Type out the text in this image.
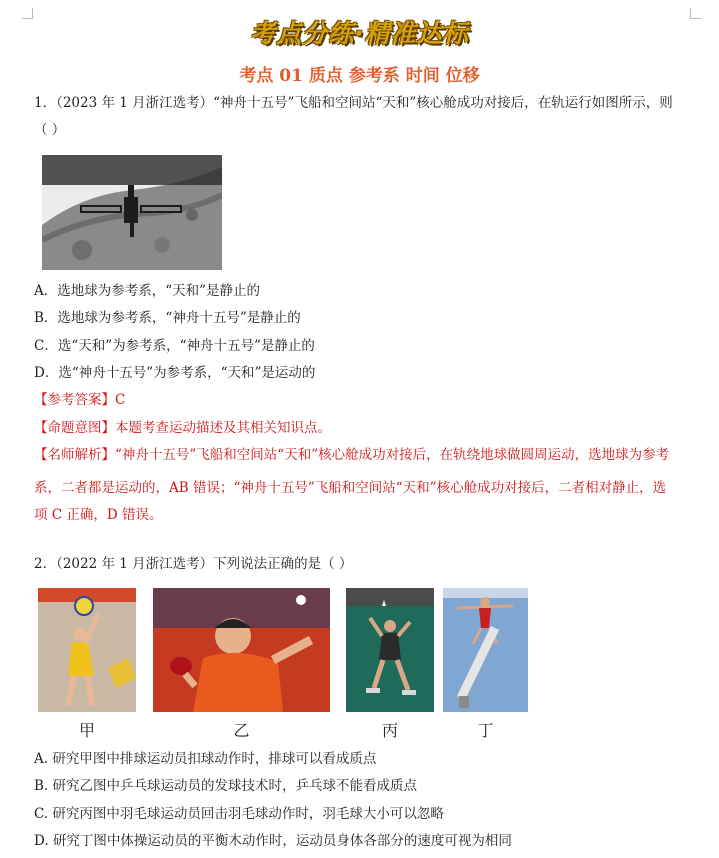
考点分练·精准达标
考点 01 质点 参考系 时间 位移
1．（2023 年 1 月浙江选考）“神舟十五号”飞船和空间站“天和”核心舱成功对接后，在轨运行如图所示，则
（ ）
A．选地球为参考系，“天和”是静止的
B．选地球为参考系，“神舟十五号”是静止的
C．选“天和”为参考系，“神舟十五号”是静止的
D．选“神舟十五号”为参考系，“天和”是运动的
【参考答案】C
【命题意图】本题考查运动描述及其相关知识点。
【名师解析】“神舟十五号”飞船和空间站“天和”核心舱成功对接后，在轨绕地球做圆周运动，选地球为参考
系，二者都是运动的，AB 错误；“神舟十五号”飞船和空间站“天和”核心舱成功对接后，二者相对静止，选
项 C 正确，D 错误。
2．（2022 年 1 月浙江选考）下列说法正确的是（ ）
甲	乙	丙	丁
A. 研究甲图中排球运动员扣球动作时，排球可以看成质点
B. 研究乙图中乒乓球运动员的发球技术时，乒乓球不能看成质点
C. 研究丙图中羽毛球运动员回击羽毛球动作时，羽毛球大小可以忽略
D. 研究丁图中体操运动员的平衡木动作时，运动员身体各部分的速度可视为相同
